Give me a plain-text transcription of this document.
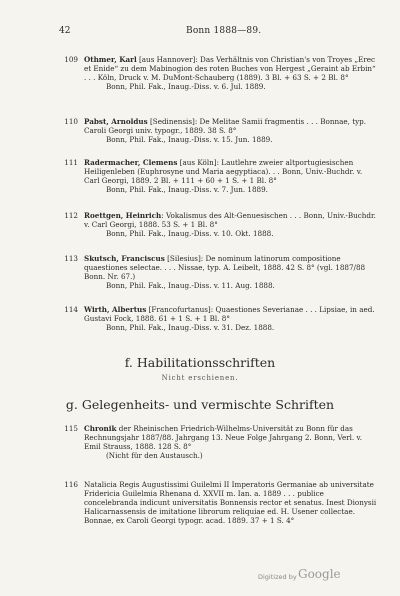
42	Bonn 1888—89.
109 Othmer, Karl [aus Hannover]: Das Verhältnis von Christian's von Troyes „Erec et Enide“ zu dem Mabinogion des roten Buches von Hergest „Geraint ab Erbin“ . . . Köln, Druck v. M. DuMont-Schauberg (1889). 3 Bl. + 63 S. + 2 Bl. 8°
Bonn, Phil. Fak., Inaug.-Diss. v. 6. Jul. 1889.
110 Pabst, Arnoldus [Sedinensis]: De Melitae Samii fragmentis . . . Bonnae, typ. Caroli Georgi univ. typogr., 1889. 38 S. 8°
Bonn, Phil. Fak., Inaug.-Diss. v. 15. Jun. 1889.
111 Radermacher, Clemens [aus Köln]: Lautlehre zweier altportugiesischen Heiligenleben (Euphrosyne und Maria aegyptiaca). . . Bonn, Univ.-Buchdr. v. Carl Georgi, 1889. 2 Bl. + 111 + 60 + 1 S. + 1 Bl. 8°
Bonn, Phil. Fak., Inaug.-Diss. v. 7. Jun. 1889.
112 Roettgen, Heinrich: Vokalismus des Alt-Genuesischen . . . Bonn, Univ.-Buchdr. v. Carl Georgi, 1888. 53 S. + 1 Bl. 8°
Bonn, Phil. Fak., Inaug.-Diss. v. 10. Okt. 1888.
113 Skutsch, Franciscus [Silesius]: De nominum latinorum compositione quaestiones selectae. . . . Nissae, typ. A. Leibelt, 1888. 42 S. 8° (vgl. 1887/88 Bonn. Nr. 67.)
Bonn, Phil. Fak., Inaug.-Diss. v. 11. Aug. 1888.
114 Wirth, Albertus [Francofurtanus]: Quaestiones Severianae . . . Lipsiae, in aed. Gustavi Fock, 1888. 61 + 1 S. + 1 Bl. 8°
Bonn, Phil. Fak., Inaug.-Diss. v. 31. Dez. 1888.
f. Habilitationsschriften
Nicht erschienen.
g. Gelegenheits- und vermischte Schriften
115 Chronik der Rheinischen Friedrich-Wilhelms-Universität zu Bonn für das Rechnungsjahr 1887/88. Jahrgang 13. Neue Folge Jahrgang 2. Bonn, Verl. v. Emil Strauss, 1888. 128 S. 8°
(Nicht für den Austausch.)
116 Natalicia Regis Augustissimi Guilelmi II Imperatoris Germaniae ab universitate Fridericia Guilelmia Rhenana d. XXVII m. Ian. a. 1889 . . . publice concelebranda indicunt universitatis Bonnensis rector et senatus. Inest Dionysii Halicarnassensis de imitatione librorum reliquiae ed. H. Usener collectae. Bonnae, ex Caroli Georgi typogr. acad. 1889. 37 + 1 S. 4°
Digitized by Google
